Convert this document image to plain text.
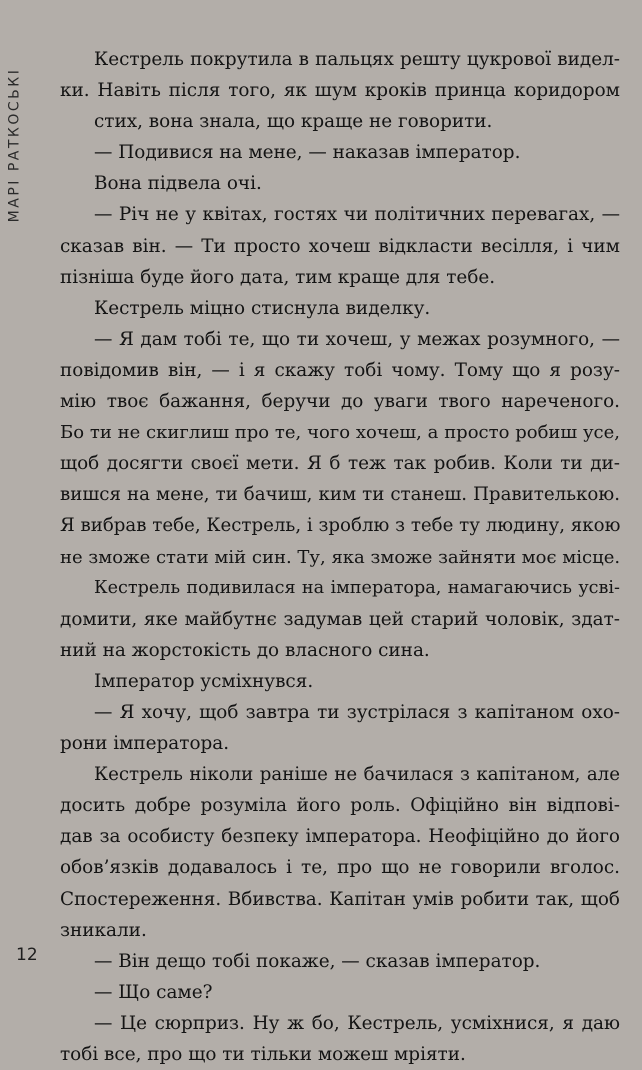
МАРІ РАТКОСЬКІ
Кестрель покрутила в пальцях решту цукрової видел-
ки. Навіть після того, як шум кроків принца коридором
стих, вона знала, що краще не говорити.
— Подивися на мене, — наказав імператор.
Вона підвела очі.
— Річ не у квітах, гостях чи політичних перевагах, —
сказав він. — Ти просто хочеш відкласти весілля, і чим
пізніша буде його дата, тим краще для тебе.
Кестрель міцно стиснула виделку.
— Я дам тобі те, що ти хочеш, у межах розумного, —
повідомив він, — і я скажу тобі чому. Тому що я розу-
мію твоє бажання, беручи до уваги твого нареченого.
Бо ти не скиглиш про те, чого хочеш, а просто робиш усе,
щоб досягти своєї мети. Я б теж так робив. Коли ти ди-
вишся на мене, ти бачиш, ким ти станеш. Правителькою.
Я вибрав тебе, Кестрель, і зроблю з тебе ту людину, якою
не зможе стати мій син. Ту, яка зможе зайняти моє місце.
Кестрель подивилася на імператора, намагаючись усві-
домити, яке майбутнє задумав цей старий чоловік, здат-
ний на жорстокість до власного сина.
Імператор усміхнувся.
— Я хочу, щоб завтра ти зустрілася з капітаном охо-
рони імператора.
Кестрель ніколи раніше не бачилася з капітаном, але
досить добре розуміла його роль. Офіційно він відпові-
дав за особисту безпеку імператора. Неофіційно до його
обов’язків додавалось і те, про що не говорили вголос.
Спостереження. Вбивства. Капітан умів робити так, щоб
зникали.
— Він дещо тобі покаже, — сказав імператор.
— Що саме?
— Це сюрприз. Ну ж бо, Кестрель, усміхнися, я даю
тобі все, про що ти тільки можеш мріяти.
12
